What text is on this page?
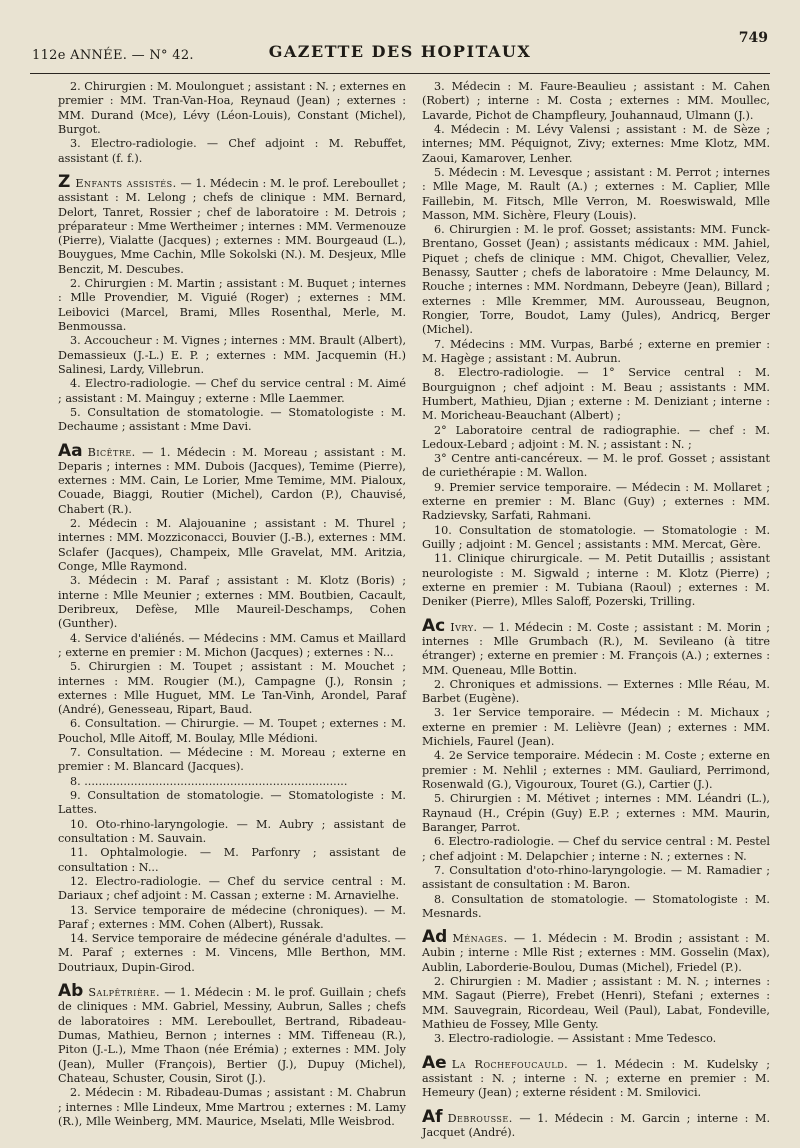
112e ANNÉE. — N° 42.	GAZETTE DES HOPITAUX
749

2. Chirurgien : M. Moulonguet ; assistant : N. ; externes en premier : MM. Tran-Van-Hoa, Reynaud (Jean) ; externes : MM. Durand (Mce), Lévy (Léon-Louis), Constant (Michel), Burgot.

3. Electro-radiologie. — Chef adjoint : M. Rebuffet, assistant (f. f.).

Z Enfants assistés. — 1. Médecin : M. le prof. Lereboullet ; assistant : M. Lelong ; chefs de clinique : MM. Bernard, Delort, Tanret, Rossier ; chef de laboratoire : M. Detrois ; préparateur : Mme Wertheimer ; internes : MM. Vermenouze (Pierre), Vialatte (Jacques) ; externes : MM. Bourgeaud (L.), Bouygues, Mme Cachin, Mlle Sokolski (N.). M. Desjeux, Mlle Benczit, M. Descubes.

2. Chirurgien : M. Martin ; assistant : M. Buquet ; internes : Mlle Provendier, M. Viguié (Roger) ; externes : MM. Leibovici (Marcel, Brami, Mlles Rosenthal, Merle, M. Benmoussa.

3. Accoucheur : M. Vignes ; internes : MM. Brault (Albert), Demassieux (J.-L.) E. P. ; externes : MM. Jacquemin (H.) Salinesi, Lardy, Villebrun.

4. Electro-radiologie. — Chef du service central : M. Aimé ; assistant : M. Mainguy ; externe : Mlle Laemmer.

5. Consultation de stomatologie. — Stomatologiste : M. Dechaume ; assistant : Mme Davi.

Aa Bicêtre. — 1. Médecin : M. Moreau ; assistant : M. Deparis ; internes : MM. Dubois (Jacques), Temime (Pierre), externes : MM. Cain, Le Lorier, Mme Temime, MM. Pialoux, Couade, Biaggi, Routier (Michel), Cardon (P.), Chauvisé, Chabert (R.).

2. Médecin : M. Alajouanine ; assistant : M. Thurel ; internes : MM. Mozziconacci, Bouvier (J.-B.), externes : MM. Sclafer (Jacques), Champeix, Mlle Gravelat, MM. Aritzia, Conge, Mlle Raymond.

3. Médecin : M. Paraf ; assistant : M. Klotz (Boris) ; interne : Mlle Meunier ; externes : MM. Boutbien, Cacault, Deribreux, Defèse, Mlle Maureil-Deschamps, Cohen (Gunther).

4. Service d'aliénés. — Médecins : MM. Camus et Maillard ; externe en premier : M. Michon (Jacques) ; externes : N...

5. Chirurgien : M. Toupet ; assistant : M. Mouchet ; internes : MM. Rougier (M.), Campagne (J.), Ronsin ; externes : Mlle Huguet, MM. Le Tan-Vinh, Arondel, Paraf (André), Genesseau, Ripart, Baud.

6. Consultation. — Chirurgie. — M. Toupet ; externes : M. Pouchol, Mlle Aitoff, M. Boulay, Mlle Médioni.

7. Consultation. — Médecine : M. Moreau ; externe en premier : M. Blancard (Jacques).

8. ..........................................................................

9. Consultation de stomatologie. — Stomatologiste : M. Lattes.

10. Oto-rhino-laryngologie. — M. Aubry ; assistant de consultation : M. Sauvain.

11. Ophtalmologie. — M. Parfonry ; assistant de consultation : N...

12. Electro-radiologie. — Chef du service central : M. Dariaux ; chef adjoint : M. Cassan ; externe : M. Arnavielhe.

13. Service temporaire de médecine (chroniques). — M. Paraf ; externes : MM. Cohen (Albert), Russak.

14. Service temporaire de médecine générale d'adultes. — M. Paraf ; externes : M. Vincens, Mlle Berthon, MM. Doutriaux, Dupin-Girod.

Ab Salpêtrière. — 1. Médecin : M. le prof. Guillain ; chefs de cliniques : MM. Gabriel, Messiny, Aubrun, Salles ; chefs de laboratoires : MM. Lereboullet, Bertrand, Ribadeau-Dumas, Mathieu, Bernon ; internes : MM. Tiffeneau (R.), Piton (J.-L.), Mme Thaon (née Erémia) ; externes : MM. Joly (Jean), Muller (François), Bertier (J.), Dupuy (Michel), Chateau, Schuster, Cousin, Sirot (J.).

2. Médecin : M. Ribadeau-Dumas ; assistant : M. Chabrun ; internes : Mlle Lindeux, Mme Martrou ; externes : M. Lamy (R.), Mlle Weinberg, MM. Maurice, Mselati, Mlle Weisbrod.

3. Médecin : M. Faure-Beaulieu ; assistant : M. Cahen (Robert) ; interne : M. Costa ; externes : MM. Moullec, Lavarde, Pichot de Champfleury, Jouhannaud, Ulmann (J.).

4. Médecin : M. Lévy Valensi ; assistant : M. de Sèze ; internes; MM. Péquignot, Zivy; externes: Mme Klotz, MM. Zaoui, Kamarover, Lenher.

5. Médecin : M. Levesque ; assistant : M. Perrot ; internes : Mlle Mage, M. Rault (A.) ; externes : M. Caplier, Mlle Faillebin, M. Fitsch, Mlle Verron, M. Roeswiswald, Mlle Masson, MM. Sichère, Fleury (Louis).

6. Chirurgien : M. le prof. Gosset; assistants: MM. Funck-Brentano, Gosset (Jean) ; assistants médicaux : MM. Jahiel, Piquet ; chefs de clinique : MM. Chigot, Chevallier, Velez, Benassy, Sautter ; chefs de laboratoire : Mme Delauncy, M. Rouche ; internes : MM. Nordmann, Debeyre (Jean), Billard ; externes : Mlle Kremmer, MM. Aurousseau, Beugnon, Rongier, Torre, Boudot, Lamy (Jules), Andricq, Berger (Michel).

7. Médecins : MM. Vurpas, Barbé ; externe en premier : M. Hagège ; assistant : M. Aubrun.

8. Electro-radiologie. — 1° Service central : M. Bourguignon ; chef adjoint : M. Beau ; assistants : MM. Humbert, Mathieu, Djian ; externe : M. Deniziant ; interne : M. Moricheau-Beauchant (Albert) ;

2° Laboratoire central de radiographie. — chef : M. Ledoux-Lebard ; adjoint : M. N. ; assistant : N. ;

3° Centre anti-cancéreux. — M. le prof. Gosset ; assistant de curiethérapie : M. Wallon.

9. Premier service temporaire. — Médecin : M. Mollaret ; externe en premier : M. Blanc (Guy) ; externes : MM. Radzievsky, Sarfati, Rahmani.

10. Consultation de stomatologie. — Stomatologie : M. Guilly ; adjoint : M. Gencel ; assistants : MM. Mercat, Gère.

11. Clinique chirurgicale. — M. Petit Dutaillis ; assistant neurologiste : M. Sigwald ; interne : M. Klotz (Pierre) ; externe en premier : M. Tubiana (Raoul) ; externes : M. Deniker (Pierre), Mlles Saloff, Pozerski, Trilling.

Ac Ivry. — 1. Médecin : M. Coste ; assistant : M. Morin ; internes : Mlle Grumbach (R.), M. Sevileano (à titre étranger) ; externe en premier : M. François (A.) ; externes : MM. Queneau, Mlle Bottin.

2. Chroniques et admissions. — Externes : Mlle Réau, M. Barbet (Eugène).

3. 1er Service temporaire. — Médecin : M. Michaux ; externe en premier : M. Lelièvre (Jean) ; externes : MM. Michiels, Faurel (Jean).

4. 2e Service temporaire. Médecin : M. Coste ; externe en premier : M. Nehlil ; externes : MM. Gauliard, Perrimond, Rosenwald (G.), Vigouroux, Touret (G.), Cartier (J.).

5. Chirurgien : M. Métivet ; internes : MM. Léandri (L.), Raynaud (H., Crépin (Guy) E.P. ; externes : MM. Maurin, Baranger, Parrot.

6. Electro-radiologie. — Chef du service central : M. Pestel ; chef adjoint : M. Delapchier ; interne : N. ; externes : N.

7. Consultation d'oto-rhino-laryngologie. — M. Ramadier ; assistant de consultation : M. Baron.

8. Consultation de stomatologie. — Stomatologiste : M. Mesnards.

Ad Ménages. — 1. Médecin : M. Brodin ; assistant : M. Aubin ; interne : Mlle Rist ; externes : MM. Gosselin (Max), Aublin, Laborderie-Boulou, Dumas (Michel), Friedel (P.).

2. Chirurgien : M. Madier ; assistant : M. N. ; internes : MM. Sagaut (Pierre), Frebet (Henri), Stefani ; externes : MM. Sauvegrain, Ricordeau, Weil (Paul), Labat, Fondeville, Mathieu de Fossey, Mlle Genty.

3. Electro-radiologie. — Assistant : Mme Tedesco.

Ae La Rochefoucauld. — 1. Médecin : M. Kudelsky ; assistant : N. ; interne : N. ; externe en premier : M. Hemeury (Jean) ; externe résident : M. Smilovici.

Af Debrousse. — 1. Médecin : M. Garcin ; interne : M. Jacquet (André).
